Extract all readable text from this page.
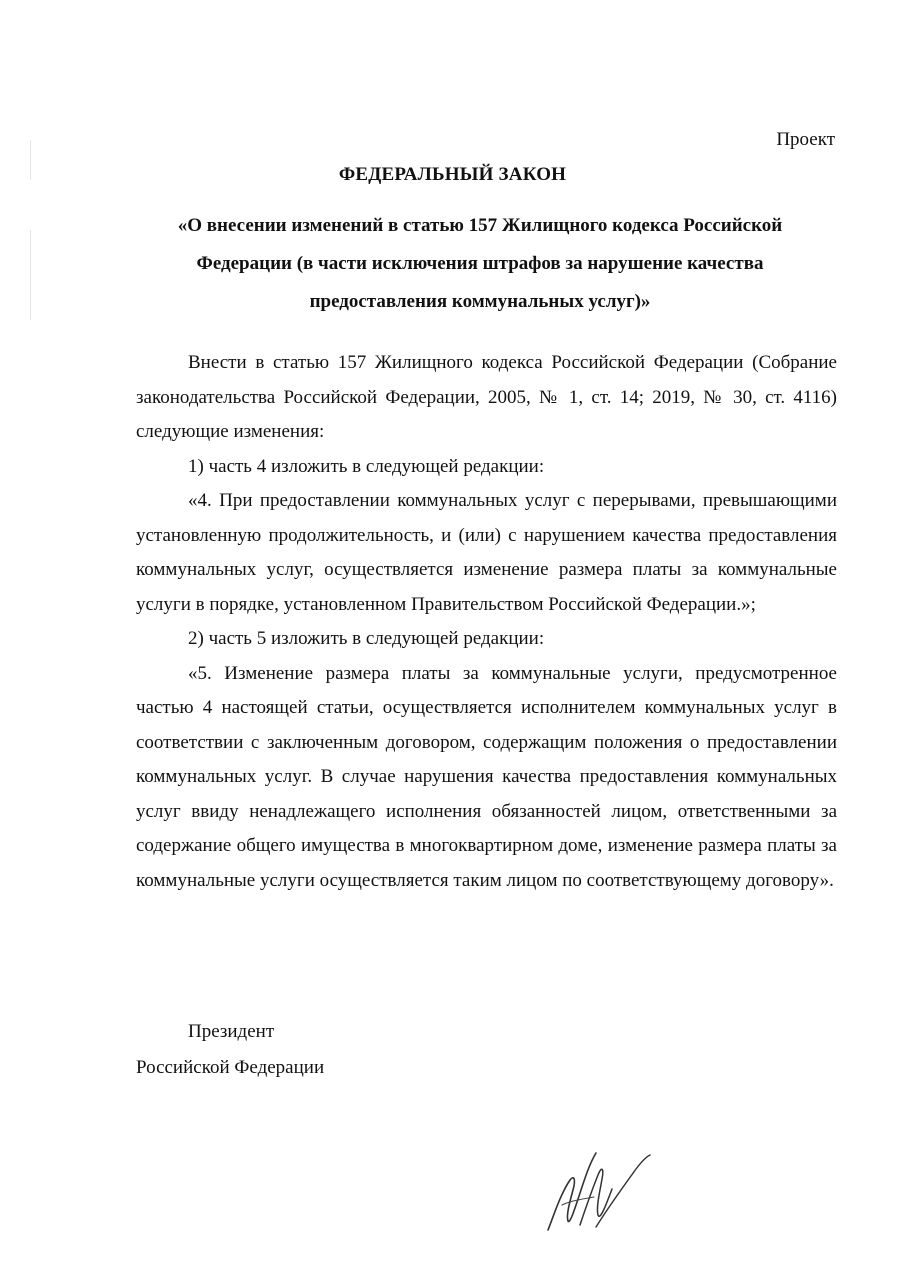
Проект
ФЕДЕРАЛЬНЫЙ ЗАКОН
«О внесении изменений в статью 157 Жилищного кодекса Российской Федерации (в части исключения штрафов за нарушение качества предоставления коммунальных услуг)»

Внести в статью 157 Жилищного кодекса Российской Федерации (Собрание законодательства Российской Федерации, 2005, № 1, ст. 14; 2019, № 30, ст. 4116) следующие изменения:

1) часть 4 изложить в следующей редакции:

«4. При предоставлении коммунальных услуг с перерывами, превышающими установленную продолжительность, и (или) с нарушением качества предоставления коммунальных услуг, осуществляется изменение размера платы за коммунальные услуги в порядке, установленном Правительством Российской Федерации.»;

2) часть 5 изложить в следующей редакции:

«5. Изменение размера платы за коммунальные услуги, предусмотренное частью 4 настоящей статьи, осуществляется исполнителем коммунальных услуг в соответствии с заключенным договором, содержащим положения о предоставлении коммунальных услуг. В случае нарушения качества предоставления коммунальных услуг ввиду ненадлежащего исполнения обязанностей лицом, ответственными за содержание общего имущества в многоквартирном доме, изменение размера платы за коммунальные услуги осуществляется таким лицом по соответствующему договору».

Президент
Российской Федерации
